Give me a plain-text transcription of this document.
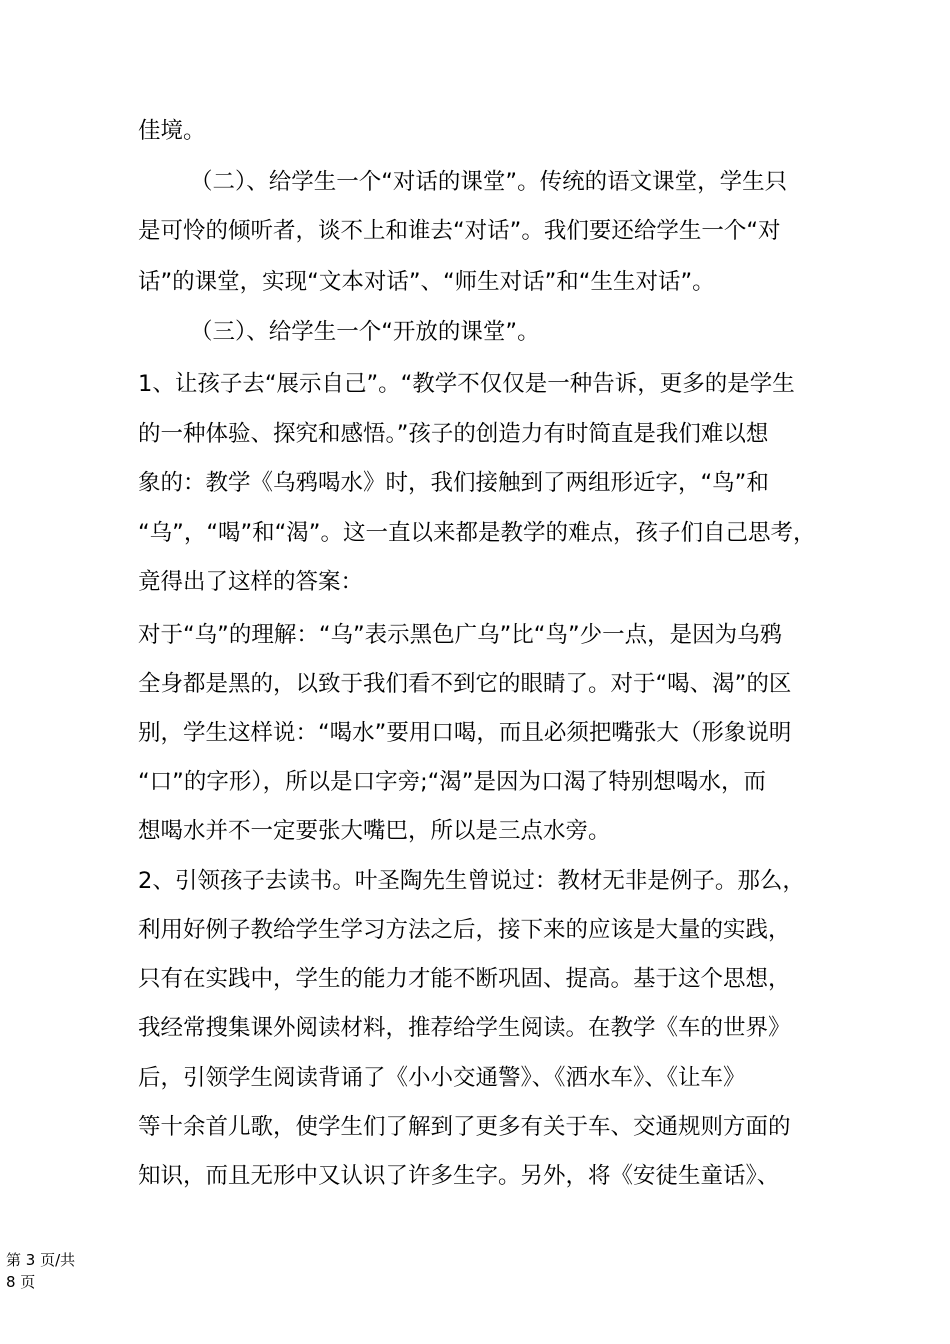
佳境。

（二）、给学生一个“对话的课堂”。传统的语文课堂，学生只

是可怜的倾听者，谈不上和谁去“对话”。我们要还给学生一个“对

话”的课堂，实现“文本对话”、“师生对话”和“生生对话”。

（三）、给学生一个“开放的课堂”。

1、让孩子去“展示自己”。“教学不仅仅是一种告诉，更多的是学生

的一种体验、探究和感悟。”孩子的创造力有时简直是我们难以想

象的：教学《乌鸦喝水》时，我们接触到了两组形近字，“鸟”和

“乌”，“喝”和“渴”。这一直以来都是教学的难点，孩子们自己思考，

竟得出了这样的答案：

对于“乌”的理解：“乌”表示黑色广乌”比“鸟”少一点，是因为乌鸦

全身都是黑的，以致于我们看不到它的眼睛了。对于“喝、渴”的区

别，学生这样说：“喝水”要用口喝，而且必须把嘴张大（形象说明

“口”的字形），所以是口字旁;“渴”是因为口渴了特别想喝水，而

想喝水并不一定要张大嘴巴，所以是三点水旁。

2、引领孩子去读书。叶圣陶先生曾说过：教材无非是例子。那么，

利用好例子教给学生学习方法之后，接下来的应该是大量的实践，

只有在实践中，学生的能力才能不断巩固、提高。基于这个思想，

我经常搜集课外阅读材料，推荐给学生阅读。在教学《车的世界》

后，引领学生阅读背诵了《小小交通警》、《洒水车》、《让车》

等十余首儿歌，使学生们了解到了更多有关于车、交通规则方面的

知识，而且无形中又认识了许多生字。另外，将《安徒生童话》、

第 3 页/共
8 页
